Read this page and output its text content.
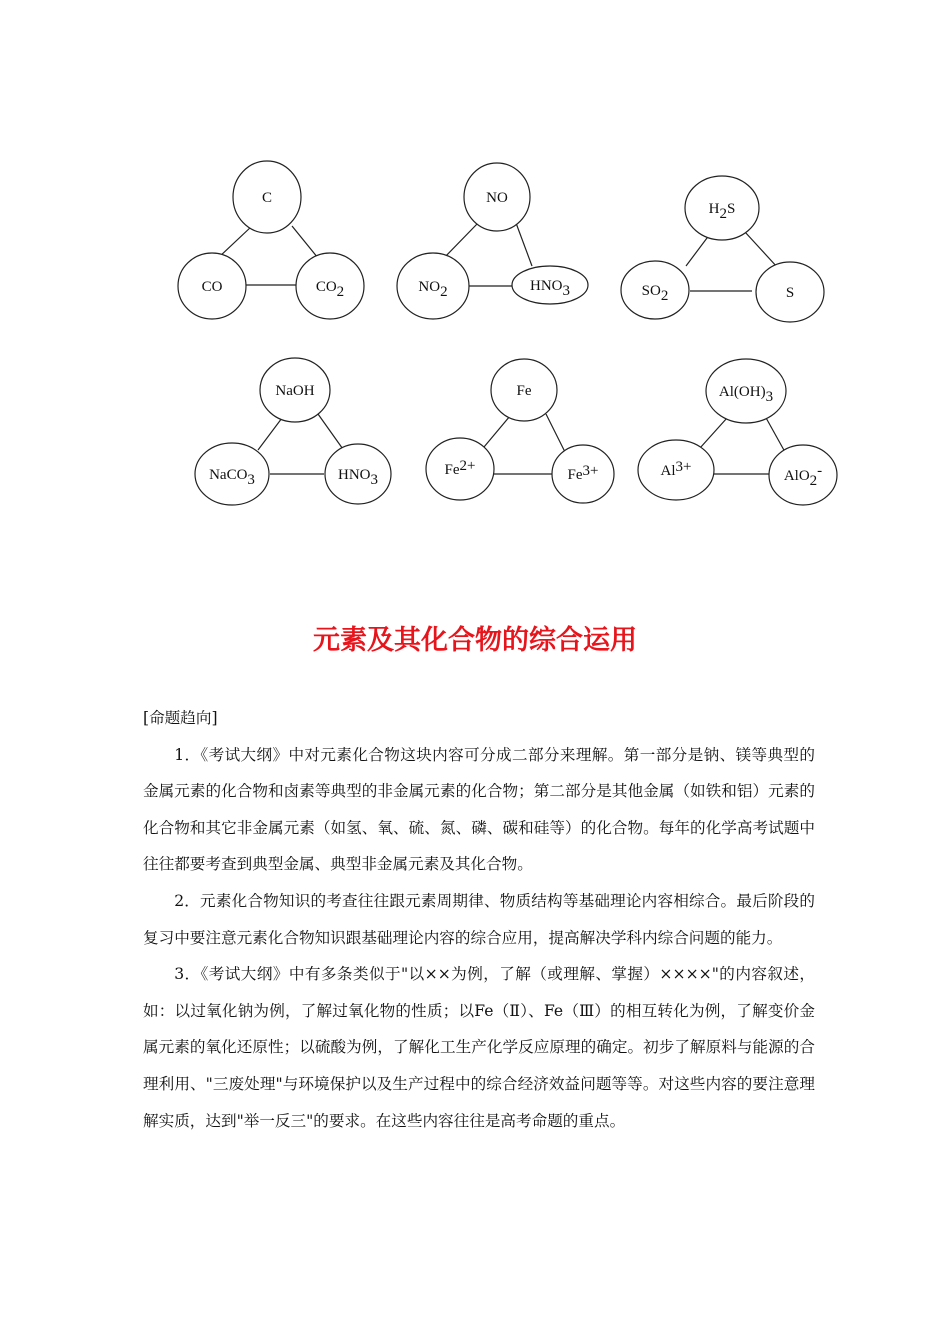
C
CO	CO2
NO
NO2	HNO3
H2S
SO2	S
NaOH
NaCO3	HNO3
Fe
Fe2+
Fe3+
Al(OH)3
Al3+
AlO2-
元素及其化合物的综合运用

[命题趋向]

1．《考试大纲》中对元素化合物这块内容可分成二部分来理解。第一部分是钠、镁等典型的金属元素的化合物和卤素等典型的非金属元素的化合物；第二部分是其他金属（如铁和铝）元素的化合物和其它非金属元素（如氢、氧、硫、氮、磷、碳和硅等）的化合物。每年的化学高考试题中往往都要考查到典型金属、典型非金属元素及其化合物。

2．元素化合物知识的考查往往跟元素周期律、物质结构等基础理论内容相综合。最后阶段的复习中要注意元素化合物知识跟基础理论内容的综合应用，提高解决学科内综合问题的能力。

3．《考试大纲》中有多条类似于"以××为例，了解（或理解、掌握）××××"的内容叙述，如：以过氧化钠为例，了解过氧化物的性质；以Fe（Ⅱ）、Fe（Ⅲ）的相互转化为例，了解变价金属元素的氧化还原性；以硫酸为例，了解化工生产化学反应原理的确定。初步了解原料与能源的合理利用、"三废处理"与环境保护以及生产过程中的综合经济效益问题等等。对这些内容的要注意理解实质，达到"举一反三"的要求。在这些内容往往是高考命题的重点。
